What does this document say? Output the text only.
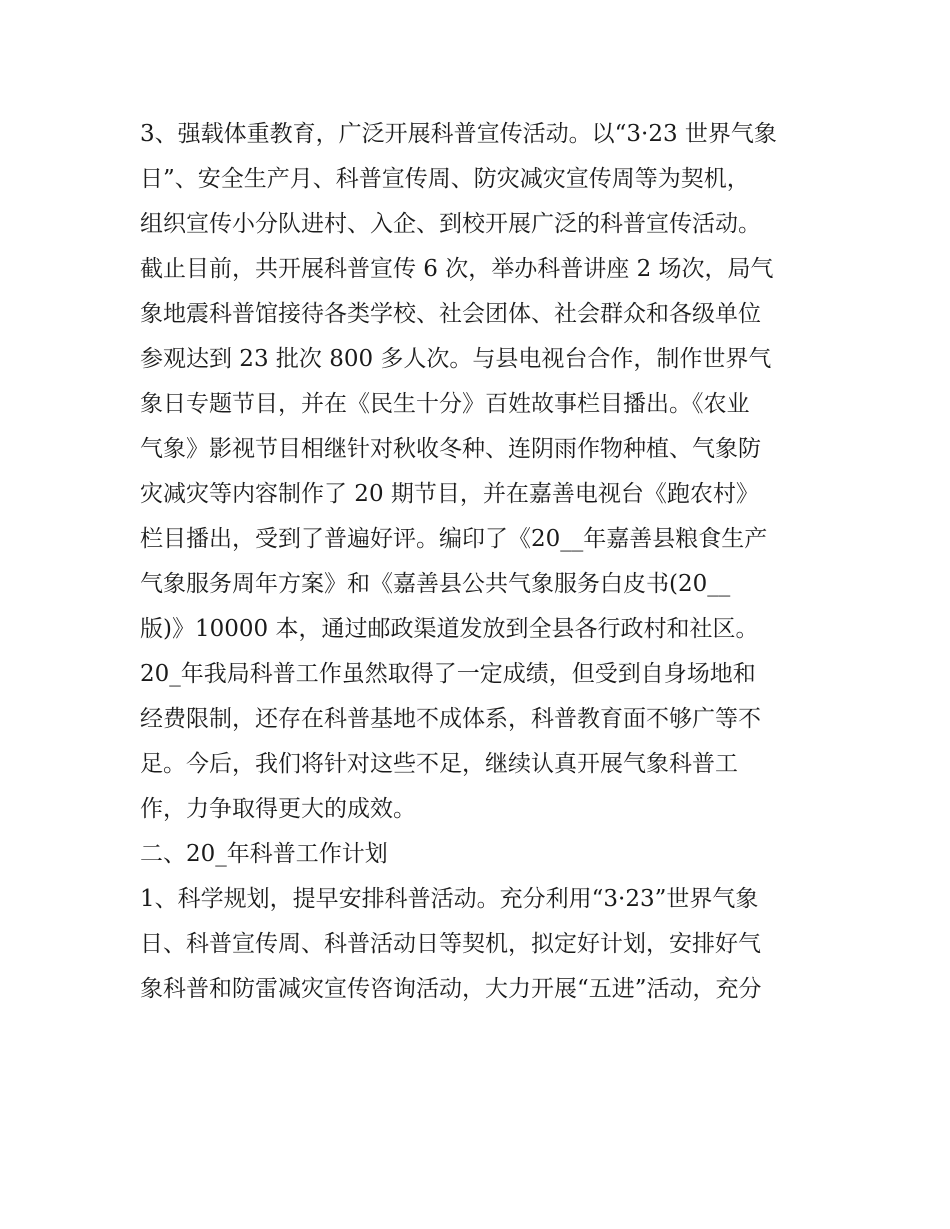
3、强载体重教育，广泛开展科普宣传活动。以“3·23 世界气象
日”、安全生产月、科普宣传周、防灾减灾宣传周等为契机，
组织宣传小分队进村、入企、到校开展广泛的科普宣传活动。
截止目前，共开展科普宣传 6 次，举办科普讲座 2 场次，局气
象地震科普馆接待各类学校、社会团体、社会群众和各级单位
参观达到 23 批次 800 多人次。与县电视台合作，制作世界气
象日专题节目，并在《民生十分》百姓故事栏目播出。《农业
气象》影视节目相继针对秋收冬种、连阴雨作物种植、气象防
灾减灾等内容制作了 20 期节目，并在嘉善电视台《跑农村》
栏目播出，受到了普遍好评。编印了《20__年嘉善县粮食生产
气象服务周年方案》和《嘉善县公共气象服务白皮书(20__
版)》10000 本，通过邮政渠道发放到全县各行政村和社区。

20_年我局科普工作虽然取得了一定成绩，但受到自身场地和
经费限制，还存在科普基地不成体系，科普教育面不够广等不
足。今后，我们将针对这些不足，继续认真开展气象科普工
作，力争取得更大的成效。

二、20_年科普工作计划

1、科学规划，提早安排科普活动。充分利用“3·23”世界气象
日、科普宣传周、科普活动日等契机，拟定好计划，安排好气
象科普和防雷减灾宣传咨询活动，大力开展“五进”活动，充分
